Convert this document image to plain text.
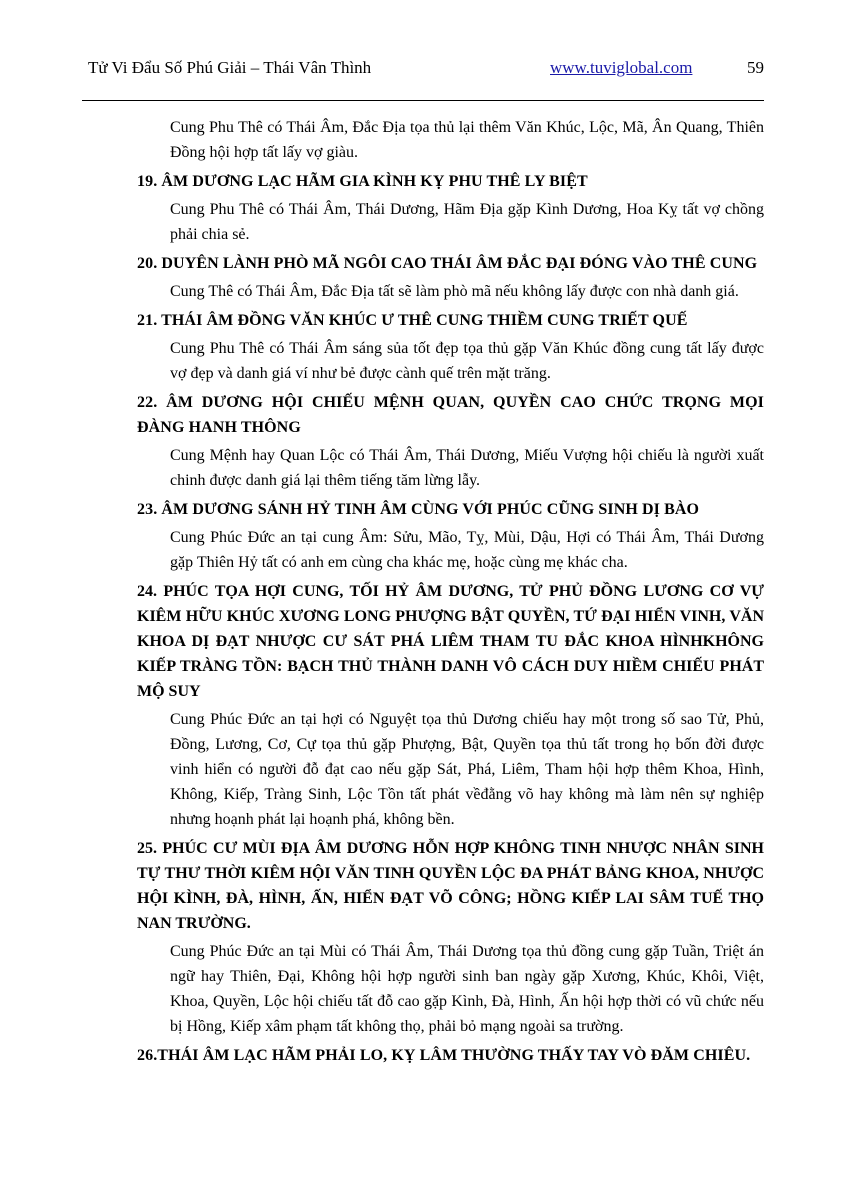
Tử Vi Đẩu Số Phú Giải – Thái Vân Thình	www.tuviglobal.com	59

Cung Phu Thê có Thái Âm, Đắc Địa tọa thủ lại thêm Văn Khúc, Lộc, Mã, Ân Quang, Thiên Đồng hội hợp tất lấy vợ giàu.

19. ÂM DƯƠNG LẠC HÃM GIA KÌNH KỴ PHU THÊ LY BIỆT

Cung Phu Thê có Thái Âm, Thái Dương, Hãm Địa gặp Kình Dương, Hoa Kỵ tất vợ chồng phải chia sẻ.

20. DUYÊN LÀNH PHÒ MÃ NGÔI CAO THÁI ÂM ĐẮC ĐẠI ĐÓNG VÀO THÊ CUNG

Cung Thê có Thái Âm, Đắc Địa tất sẽ làm phò mã nếu không lấy được con nhà danh giá.

21. THÁI ÂM ĐỒNG VĂN KHÚC Ư THÊ CUNG THIỀM CUNG TRIẾT QUẾ

Cung Phu Thê có Thái Âm sáng sủa tốt đẹp tọa thủ gặp Văn Khúc đồng cung tất lấy được vợ đẹp và danh giá ví như bẻ được cành quế trên mặt trăng.

22. ÂM DƯƠNG HỘI CHIẾU MỆNH QUAN, QUYỀN CAO CHỨC TRỌNG MỌI ĐÀNG HANH THÔNG

Cung Mệnh hay Quan Lộc có Thái Âm, Thái Dương, Miếu Vượng hội chiếu là người xuất chinh được danh giá lại thêm tiếng tăm lừng lẫy.

23. ÂM DƯƠNG SÁNH HỶ TINH ÂM CÙNG VỚI PHÚC CŨNG SINH DỊ BÀO

Cung Phúc Đức an tại cung Âm: Sửu, Mão, Tỵ, Mùi, Dậu, Hợi có Thái Âm, Thái Dương gặp Thiên Hỷ tất có anh em cùng cha khác mẹ, hoặc cùng mẹ khác cha.

24. PHÚC TỌA HỢI CUNG, TỐI HỶ ÂM DƯƠNG, TỬ PHỦ ĐỒNG LƯƠNG CƠ VỰ KIÊM HỮU KHÚC XƯƠNG LONG PHƯỢNG BẬT QUYỀN, TỨ ĐẠI HIỂN VINH, VĂN KHOA DỊ ĐẠT NHƯỢC CƯ SÁT PHÁ LIÊM THAM TU ĐẮC KHOA HÌNHKHÔNG KIẾP TRÀNG TỒN: BẠCH THỦ THÀNH DANH VÔ CÁCH DUY HIỀM CHIẾU PHÁT MỘ SUY

Cung Phúc Đức an tại hợi có Nguyệt tọa thủ Dương chiếu hay một trong số sao Tử, Phủ, Đồng, Lương, Cơ, Cự tọa thủ gặp Phượng, Bật, Quyền tọa thủ tất trong họ bốn đời được vinh hiển có người đỗ đạt cao nếu gặp Sát, Phá, Liêm, Tham hội hợp thêm Khoa, Hình, Không, Kiếp, Tràng Sinh, Lộc Tồn tất phát vềđằng võ hay không mà làm nên sự nghiệp nhưng hoạnh phát lại hoạnh phá, không bền.

25. PHÚC CƯ MÙI ĐỊA ÂM DƯƠNG HỖN HỢP KHÔNG TINH NHƯỢC NHÂN SINH TỰ THƯ THỜI KIÊM HỘI VĂN TINH QUYỀN LỘC ĐA PHÁT BẢNG KHOA, NHƯỢC HỘI KÌNH, ĐÀ, HÌNH, ẤN, HIỂN ĐẠT VÕ CÔNG; HỒNG KIẾP LAI SÂM TUẾ THỌ NAN TRƯỜNG.

Cung Phúc Đức an tại Mùi có Thái Âm, Thái Dương tọa thủ đồng cung gặp Tuần, Triệt án ngữ hay Thiên, Đại, Không hội hợp người sinh ban ngày gặp Xương, Khúc, Khôi, Việt, Khoa, Quyền, Lộc hội chiếu tất đỗ cao gặp Kình, Đà, Hình, Ấn hội hợp thời có vũ chức nếu bị Hồng, Kiếp xâm phạm tất không thọ, phải bỏ mạng ngoài sa trường.

26.THÁI ÂM LẠC HÃM PHẢI LO, KỴ LÂM THƯỜNG THẤY TAY VÒ ĐĂM CHIÊU.
